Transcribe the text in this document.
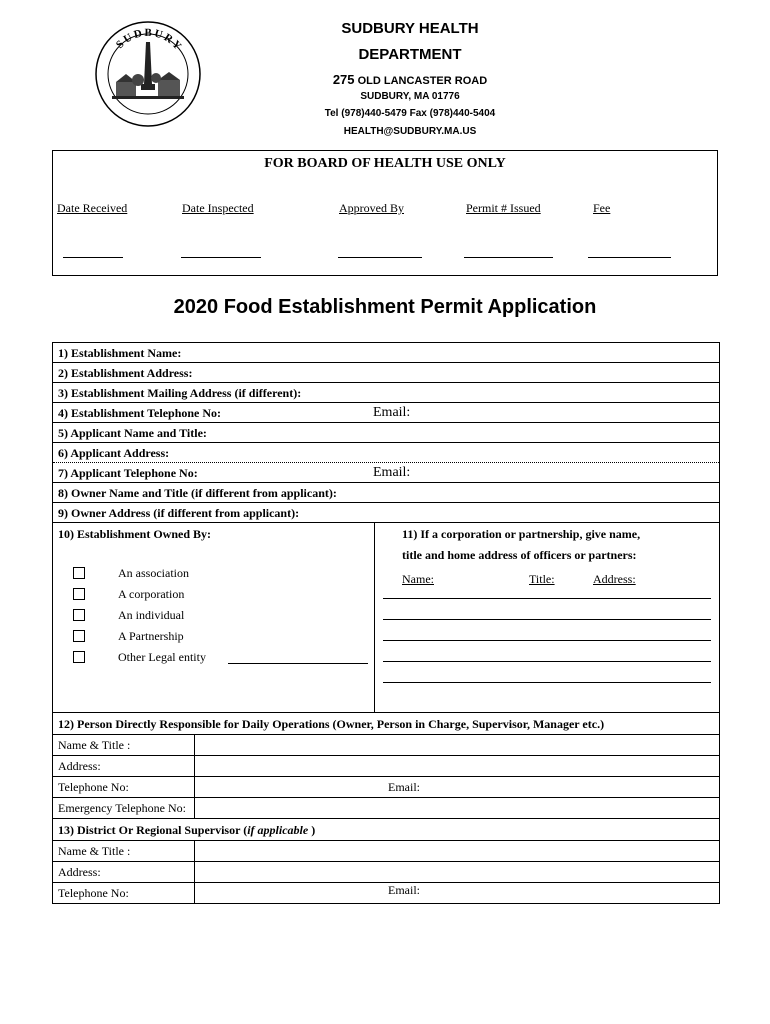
SUDBURY
SUDBURY HEALTH
DEPARTMENT
275 OLD LANCASTER ROAD
SUDBURY, MA 01776
Tel (978)440-5479 Fax (978)440-5404
HEALTH@SUDBURY.MA.US
FOR BOARD OF HEALTH USE ONLY
Date Received	Date Inspected	Approved By	Permit # Issued	Fee
2020 Food Establishment Permit Application
1) Establishment Name:
2) Establishment Address:
3) Establishment Mailing Address (if different):
4) Establishment Telephone No:	Email:
5) Applicant Name and Title:
6) Applicant Address:
7) Applicant Telephone No:	Email:
8) Owner Name and Title (if different from applicant):
9) Owner Address (if different from applicant):
10) Establishment Owned By:
An association
A corporation
An individual
A Partnership
Other Legal entity
11) If a corporation or partnership, give name,
title and home address of officers or partners:
Name:	Title:	Address:
12) Person Directly Responsible for Daily Operations (Owner, Person in Charge, Supervisor, Manager etc.)
Name & Title :
Address:
Telephone No:	Email:
Emergency Telephone No:
13) District Or Regional Supervisor (if applicable )
Name & Title :
Address:
Telephone No:	Email:
